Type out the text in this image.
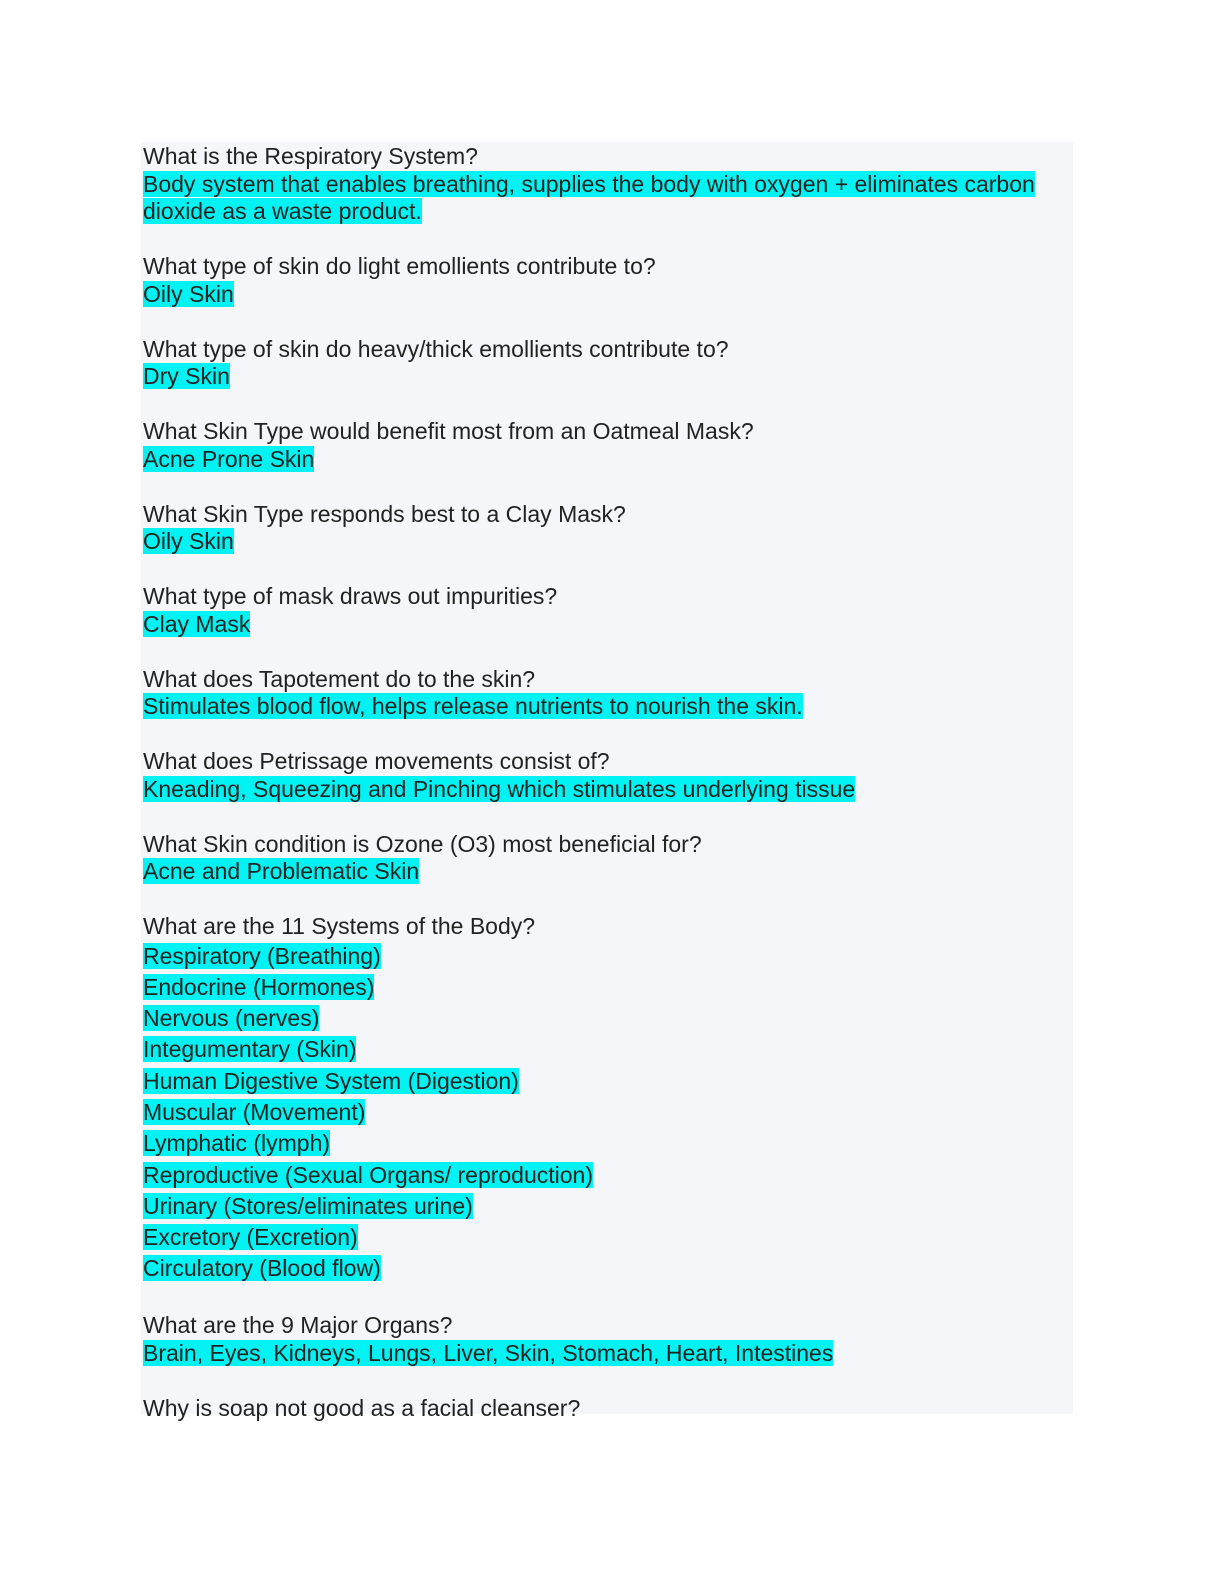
What is the Respiratory System?
Body system that enables breathing, supplies the body with oxygen + eliminates carbon dioxide as a waste product.
What type of skin do light emollients contribute to?
Oily Skin
What type of skin do heavy/thick emollients contribute to?
Dry Skin
What Skin Type would benefit most from an Oatmeal Mask?
Acne Prone Skin
What Skin Type responds best to a Clay Mask?
Oily Skin
What type of mask draws out impurities?
Clay Mask
What does Tapotement do to the skin?
Stimulates blood flow, helps release nutrients to nourish the skin.
What does Petrissage movements consist of?
Kneading, Squeezing and Pinching which stimulates underlying tissue
What Skin condition is Ozone (O3) most beneficial for?
Acne and Problematic Skin
What are the 11 Systems of the Body?
Respiratory (Breathing)
Endocrine (Hormones)
Nervous (nerves)
Integumentary (Skin)
Human Digestive System (Digestion)
Muscular (Movement)
Lymphatic (lymph)
Reproductive (Sexual Organs/ reproduction)
Urinary (Stores/eliminates urine)
Excretory (Excretion)
Circulatory (Blood flow)
What are the 9 Major Organs?
Brain, Eyes, Kidneys, Lungs, Liver, Skin, Stomach, Heart, Intestines
Why is soap not good as a facial cleanser?
